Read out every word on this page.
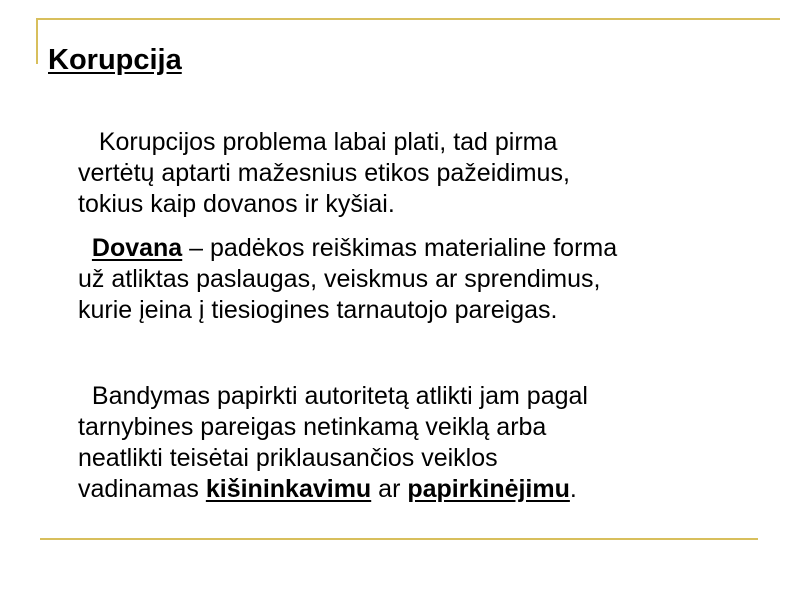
Korupcija

Korupcijos problema labai plati, tad pirma
vertėtų aptarti mažesnius etikos pažeidimus,
tokius kaip dovanos ir kyšiai.

Dovana – padėkos reiškimas materialine forma
už atliktas paslaugas, veiskmus ar sprendimus,
kurie įeina į tiesiogines tarnautojo pareigas.

Bandymas papirkti autoritetą atlikti jam pagal
tarnybines pareigas netinkamą veiklą arba
neatlikti teisėtai priklausančios veiklos
vadinamas kišininkavimu ar papirkinėjimu.
